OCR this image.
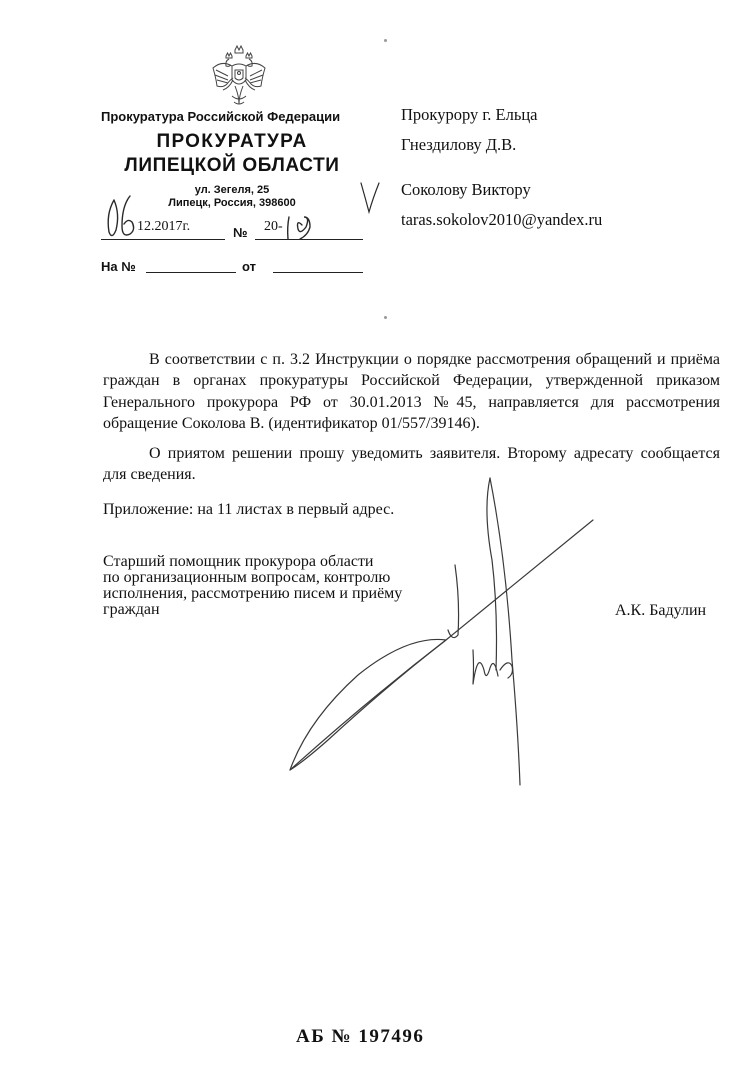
Прокуратура Российской Федерации
ПРОКУРАТУРА
ЛИПЕЦКОЙ ОБЛАСТИ
ул. Зегеля, 25
Липецк, Россия, 398600
12.2017г.	№ 20-
На №	от
Прокурору г. Ельца
Гнездилову Д.В.
Соколову Виктору
taras.sokolov2010@yandex.ru

В соответствии с п. 3.2 Инструкции о порядке рассмотрения обращений и приёма граждан в органах прокуратуры Российской Федерации, утвержденной приказом Генерального прокурора РФ от 30.01.2013 №45, направляется для рассмотрения обращение Соколова В. (идентификатор 01/557/39146).

О приятом решении прошу уведомить заявителя. Второму адресату сообщается для сведения.

Приложение: на 11 листах в первый адрес.
Старший помощник прокурора области
по организационным вопросам, контролю
исполнения, рассмотрению писем и приёму
граждан	А.К. Бадулин
АБ № 197496
